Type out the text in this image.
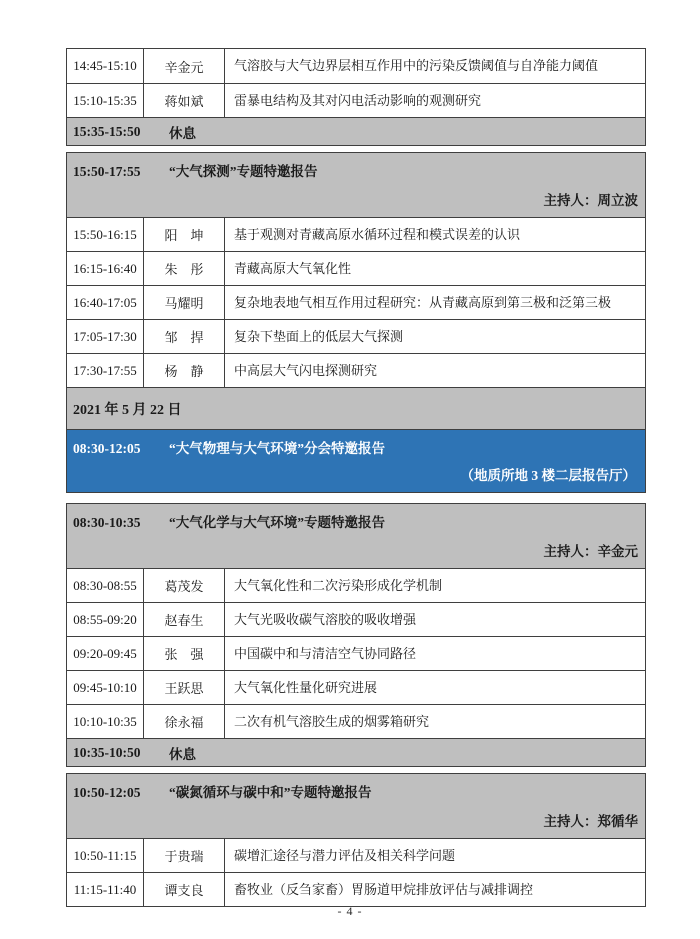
14:45-15:10	辛金元	气溶胶与大气边界层相互作用中的污染反馈阈值与自净能力阈值
15:10-15:35	蒋如斌	雷暴电结构及其对闪电活动影响的观测研究
15:35-15:50	休息
15:50-17:55	“大气探测”专题特邀报告
主持人：周立波
15:50-16:15	阳　坤	基于观测对青藏高原水循环过程和模式误差的认识
16:15-16:40	朱　彤	青藏高原大气氧化性
16:40-17:05	马耀明	复杂地表地气相互作用过程研究：从青藏高原到第三极和泛第三极
17:05-17:30	邹　捍	复杂下垫面上的低层大气探测
17:30-17:55	杨　静	中高层大气闪电探测研究
2021 年 5 月 22 日
08:30-12:05	“大气物理与大气环境”分会特邀报告
（地质所地 3 楼二层报告厅）
08:30-10:35	“大气化学与大气环境”专题特邀报告
主持人：辛金元
08:30-08:55	葛茂发	大气氧化性和二次污染形成化学机制
08:55-09:20	赵春生	大气光吸收碳气溶胶的吸收增强
09:20-09:45	张　强	中国碳中和与清洁空气协同路径
09:45-10:10	王跃思	大气氧化性量化研究进展
10:10-10:35	徐永福	二次有机气溶胶生成的烟雾箱研究
10:35-10:50	休息
10:50-12:05	“碳氮循环与碳中和”专题特邀报告
主持人：郑循华
10:50-11:15	于贵瑞	碳增汇途径与潜力评估及相关科学问题
11:15-11:40	谭支良	畜牧业（反刍家畜）胃肠道甲烷排放评估与减排调控
- 4 -
